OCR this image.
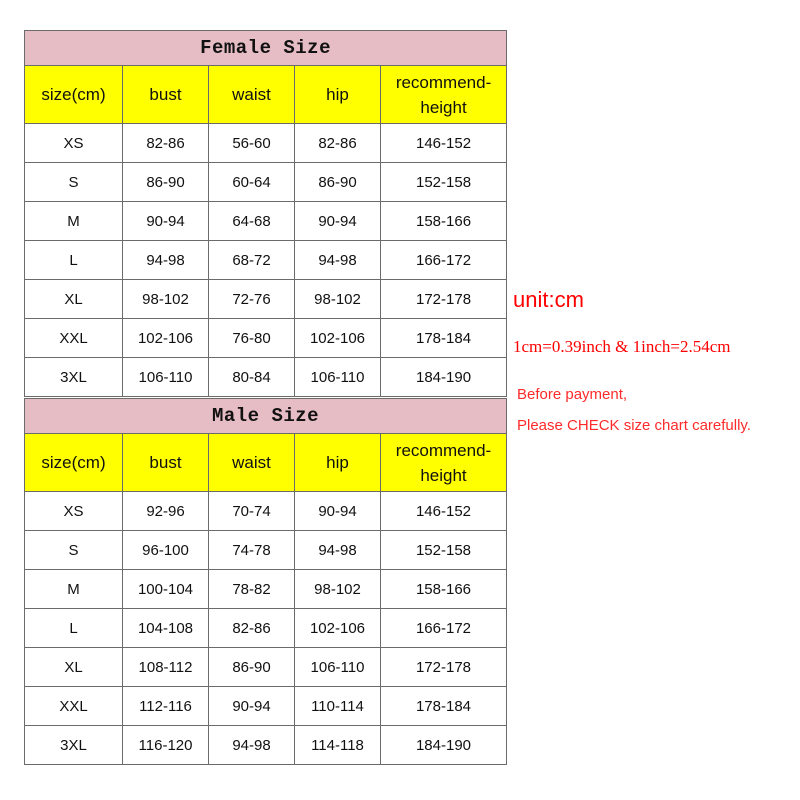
Female Size				
size(cm)	bust	waist	hip	recommend-
height

XS	82-86	56-60	82-86	146-152
S	86-90	60-64	86-90	152-158
M	90-94	64-68	90-94	158-166
L	94-98	68-72	94-98	166-172
XL	98-102	72-76	98-102	172-178
XXL	102-106	76-80	102-106	178-184
3XL	106-110	80-84	106-110	184-190
Male Size				
size(cm)	bust	waist	hip	recommend-
height

XS	92-96	70-74	90-94	146-152
S	96-100	74-78	94-98	152-158
M	100-104	78-82	98-102	158-166
L	104-108	82-86	102-106	166-172
XL	108-112	86-90	106-110	172-178
XXL	112-116	90-94	110-114	178-184
3XL	116-120	94-98	114-118	184-190
unit:cm
1cm=0.39inch & 1inch=2.54cm
Before payment,
Please CHECK size chart carefully.
